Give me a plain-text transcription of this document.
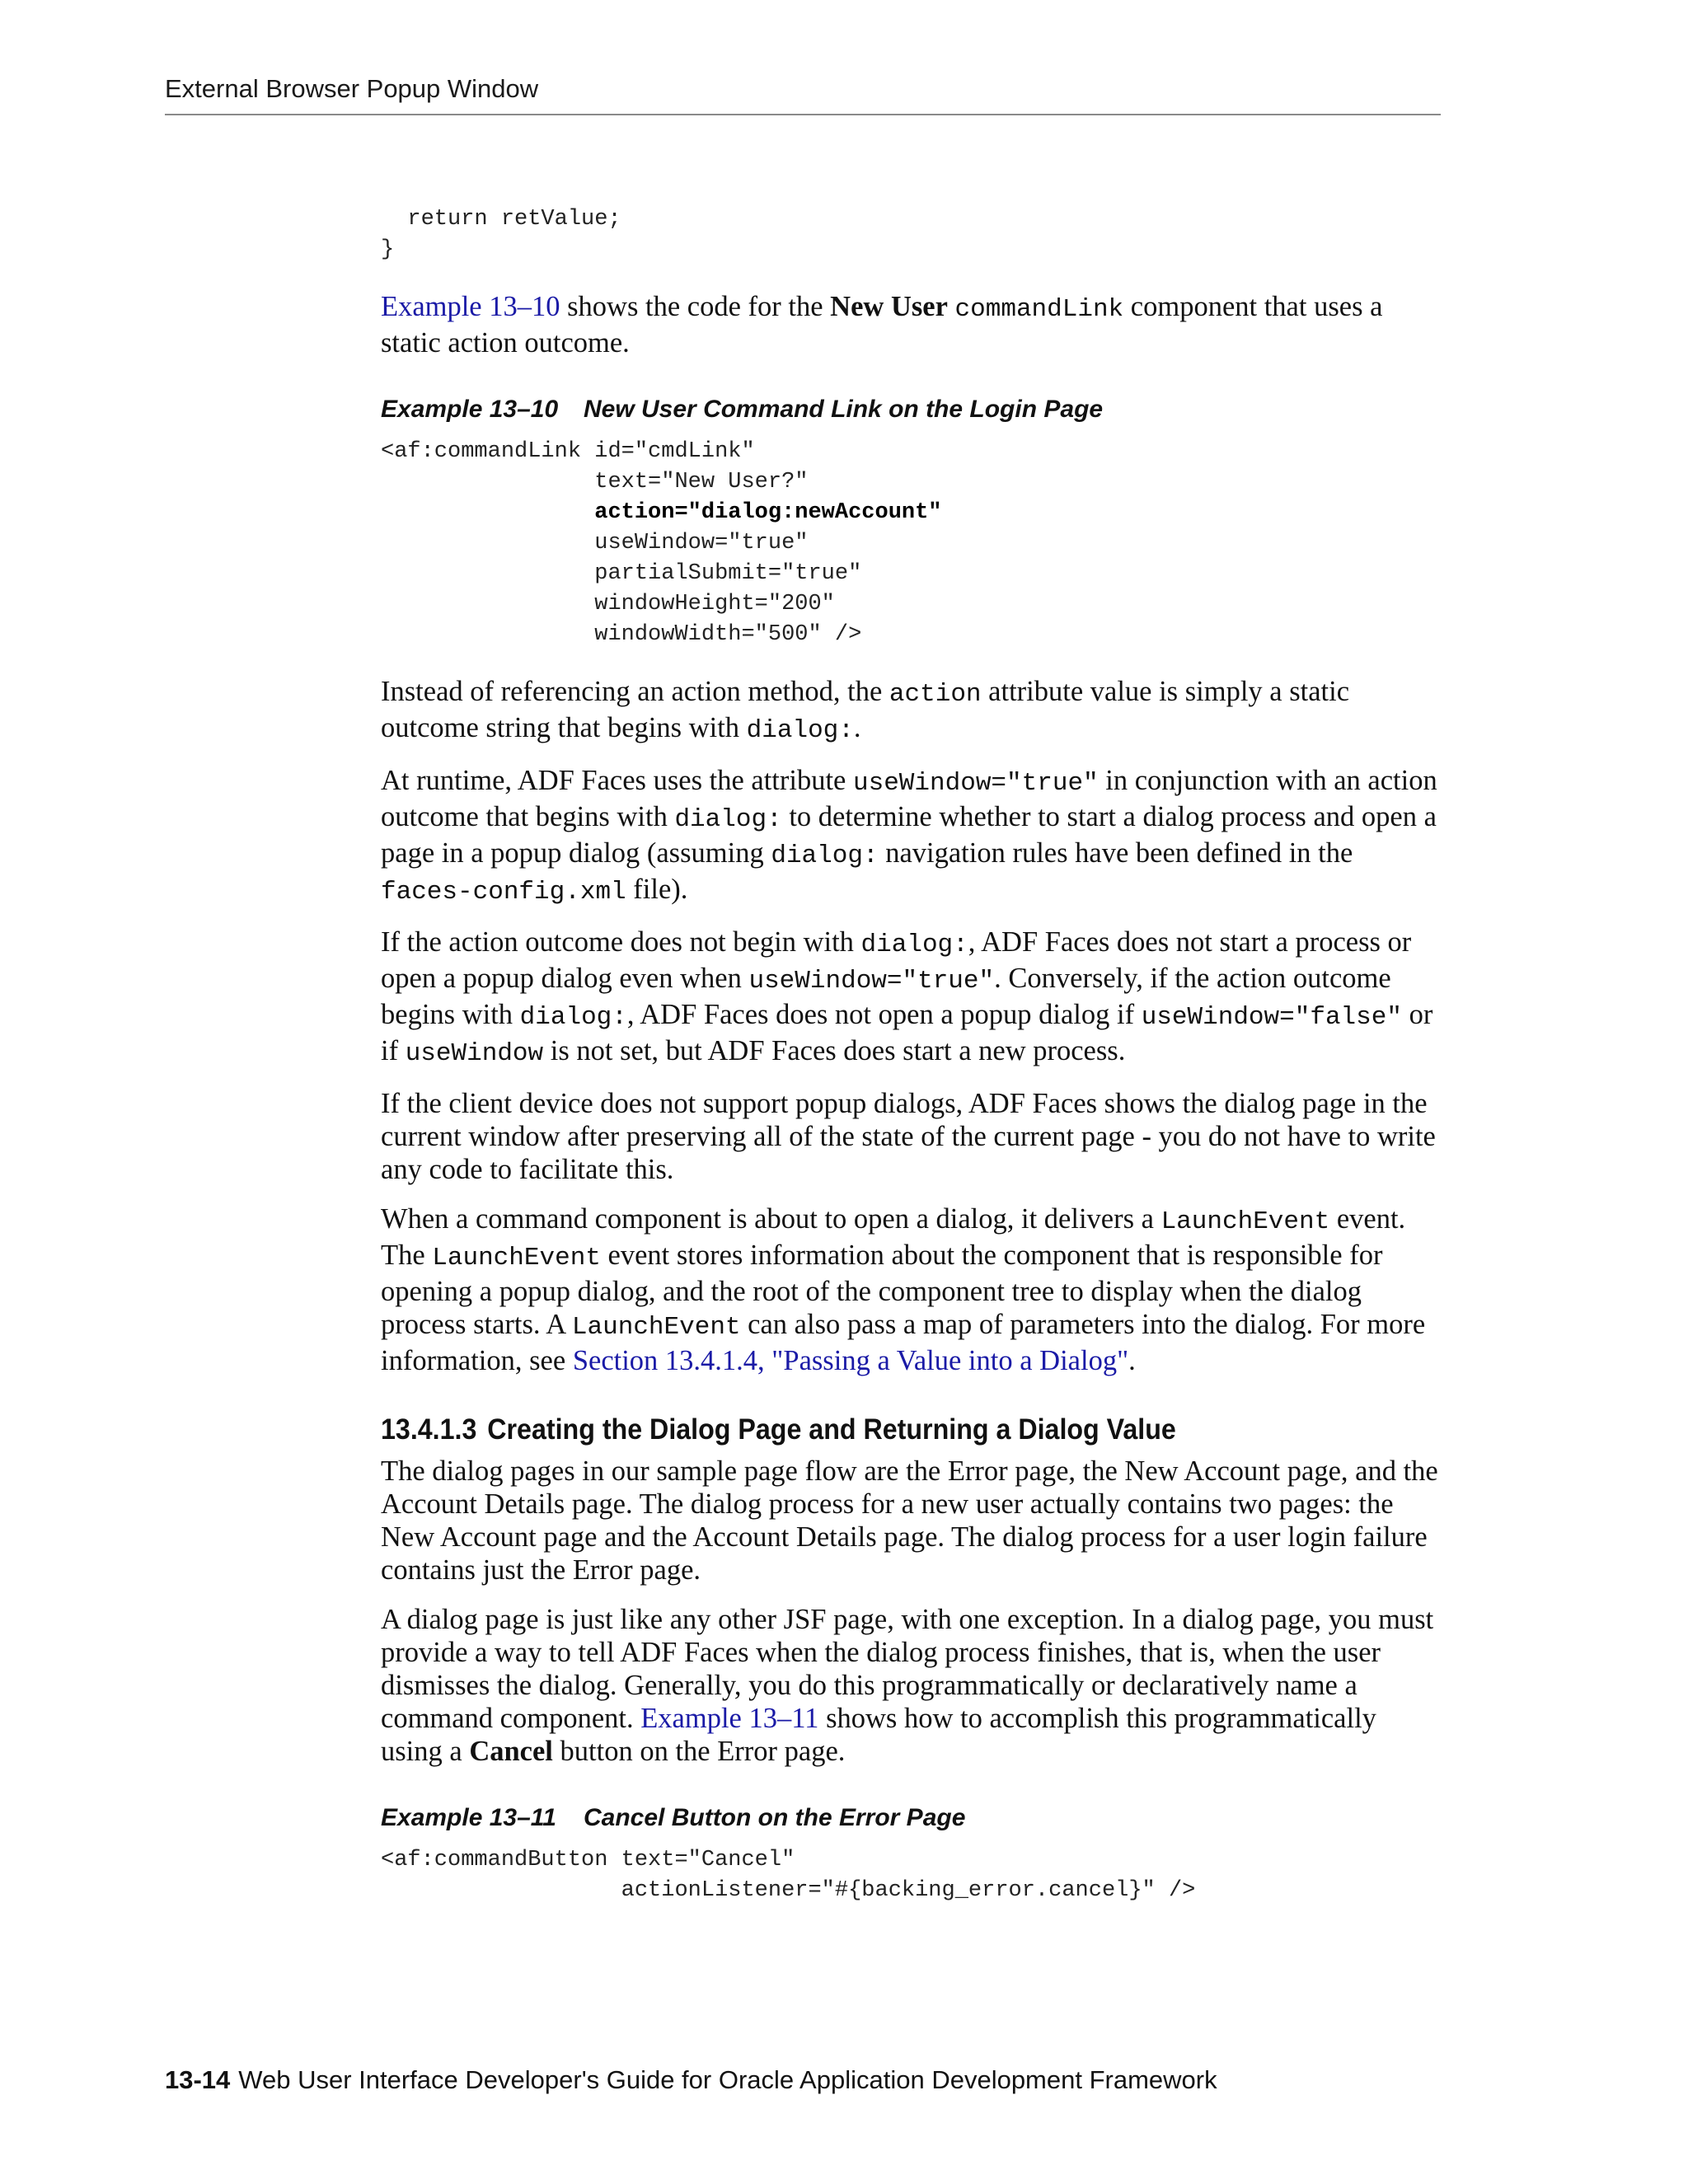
External Browser Popup Window
return retValue;
}

Example 13–10 shows the code for the New User commandLink component that uses a static action outcome.

Example 13–10 New User Command Link on the Login Page
<af:commandLink id="cmdLink"
text="New User?"
action="dialog:newAccount"
useWindow="true"
partialSubmit="true"
windowHeight="200"
windowWidth="500" />

Instead of referencing an action method, the action attribute value is simply a static outcome string that begins with dialog:.

At runtime, ADF Faces uses the attribute useWindow="true" in conjunction with an action outcome that begins with dialog: to determine whether to start a dialog process and open a page in a popup dialog (assuming dialog: navigation rules have been defined in the faces-config.xml file).

If the action outcome does not begin with dialog:, ADF Faces does not start a process or open a popup dialog even when useWindow="true". Conversely, if the action outcome begins with dialog:, ADF Faces does not open a popup dialog if useWindow="false" or if useWindow is not set, but ADF Faces does start a new process.

If the client device does not support popup dialogs, ADF Faces shows the dialog page in the current window after preserving all of the state of the current page - you do not have to write any code to facilitate this.

When a command component is about to open a dialog, it delivers a LaunchEvent event. The LaunchEvent event stores information about the component that is responsible for opening a popup dialog, and the root of the component tree to display when the dialog process starts. A LaunchEvent can also pass a map of parameters into the dialog. For more information, see Section 13.4.1.4, "Passing a Value into a Dialog".

13.4.1.3 Creating the Dialog Page and Returning a Dialog Value

The dialog pages in our sample page flow are the Error page, the New Account page, and the Account Details page. The dialog process for a new user actually contains two pages: the New Account page and the Account Details page. The dialog process for a user login failure contains just the Error page.

A dialog page is just like any other JSF page, with one exception. In a dialog page, you must provide a way to tell ADF Faces when the dialog process finishes, that is, when the user dismisses the dialog. Generally, you do this programmatically or declaratively name a command component. Example 13–11 shows how to accomplish this programmatically using a Cancel button on the Error page.

Example 13–11 Cancel Button on the Error Page
<af:commandButton text="Cancel"
actionListener="#{backing_error.cancel}" />
13-14 Web User Interface Developer's Guide for Oracle Application Development Framework
